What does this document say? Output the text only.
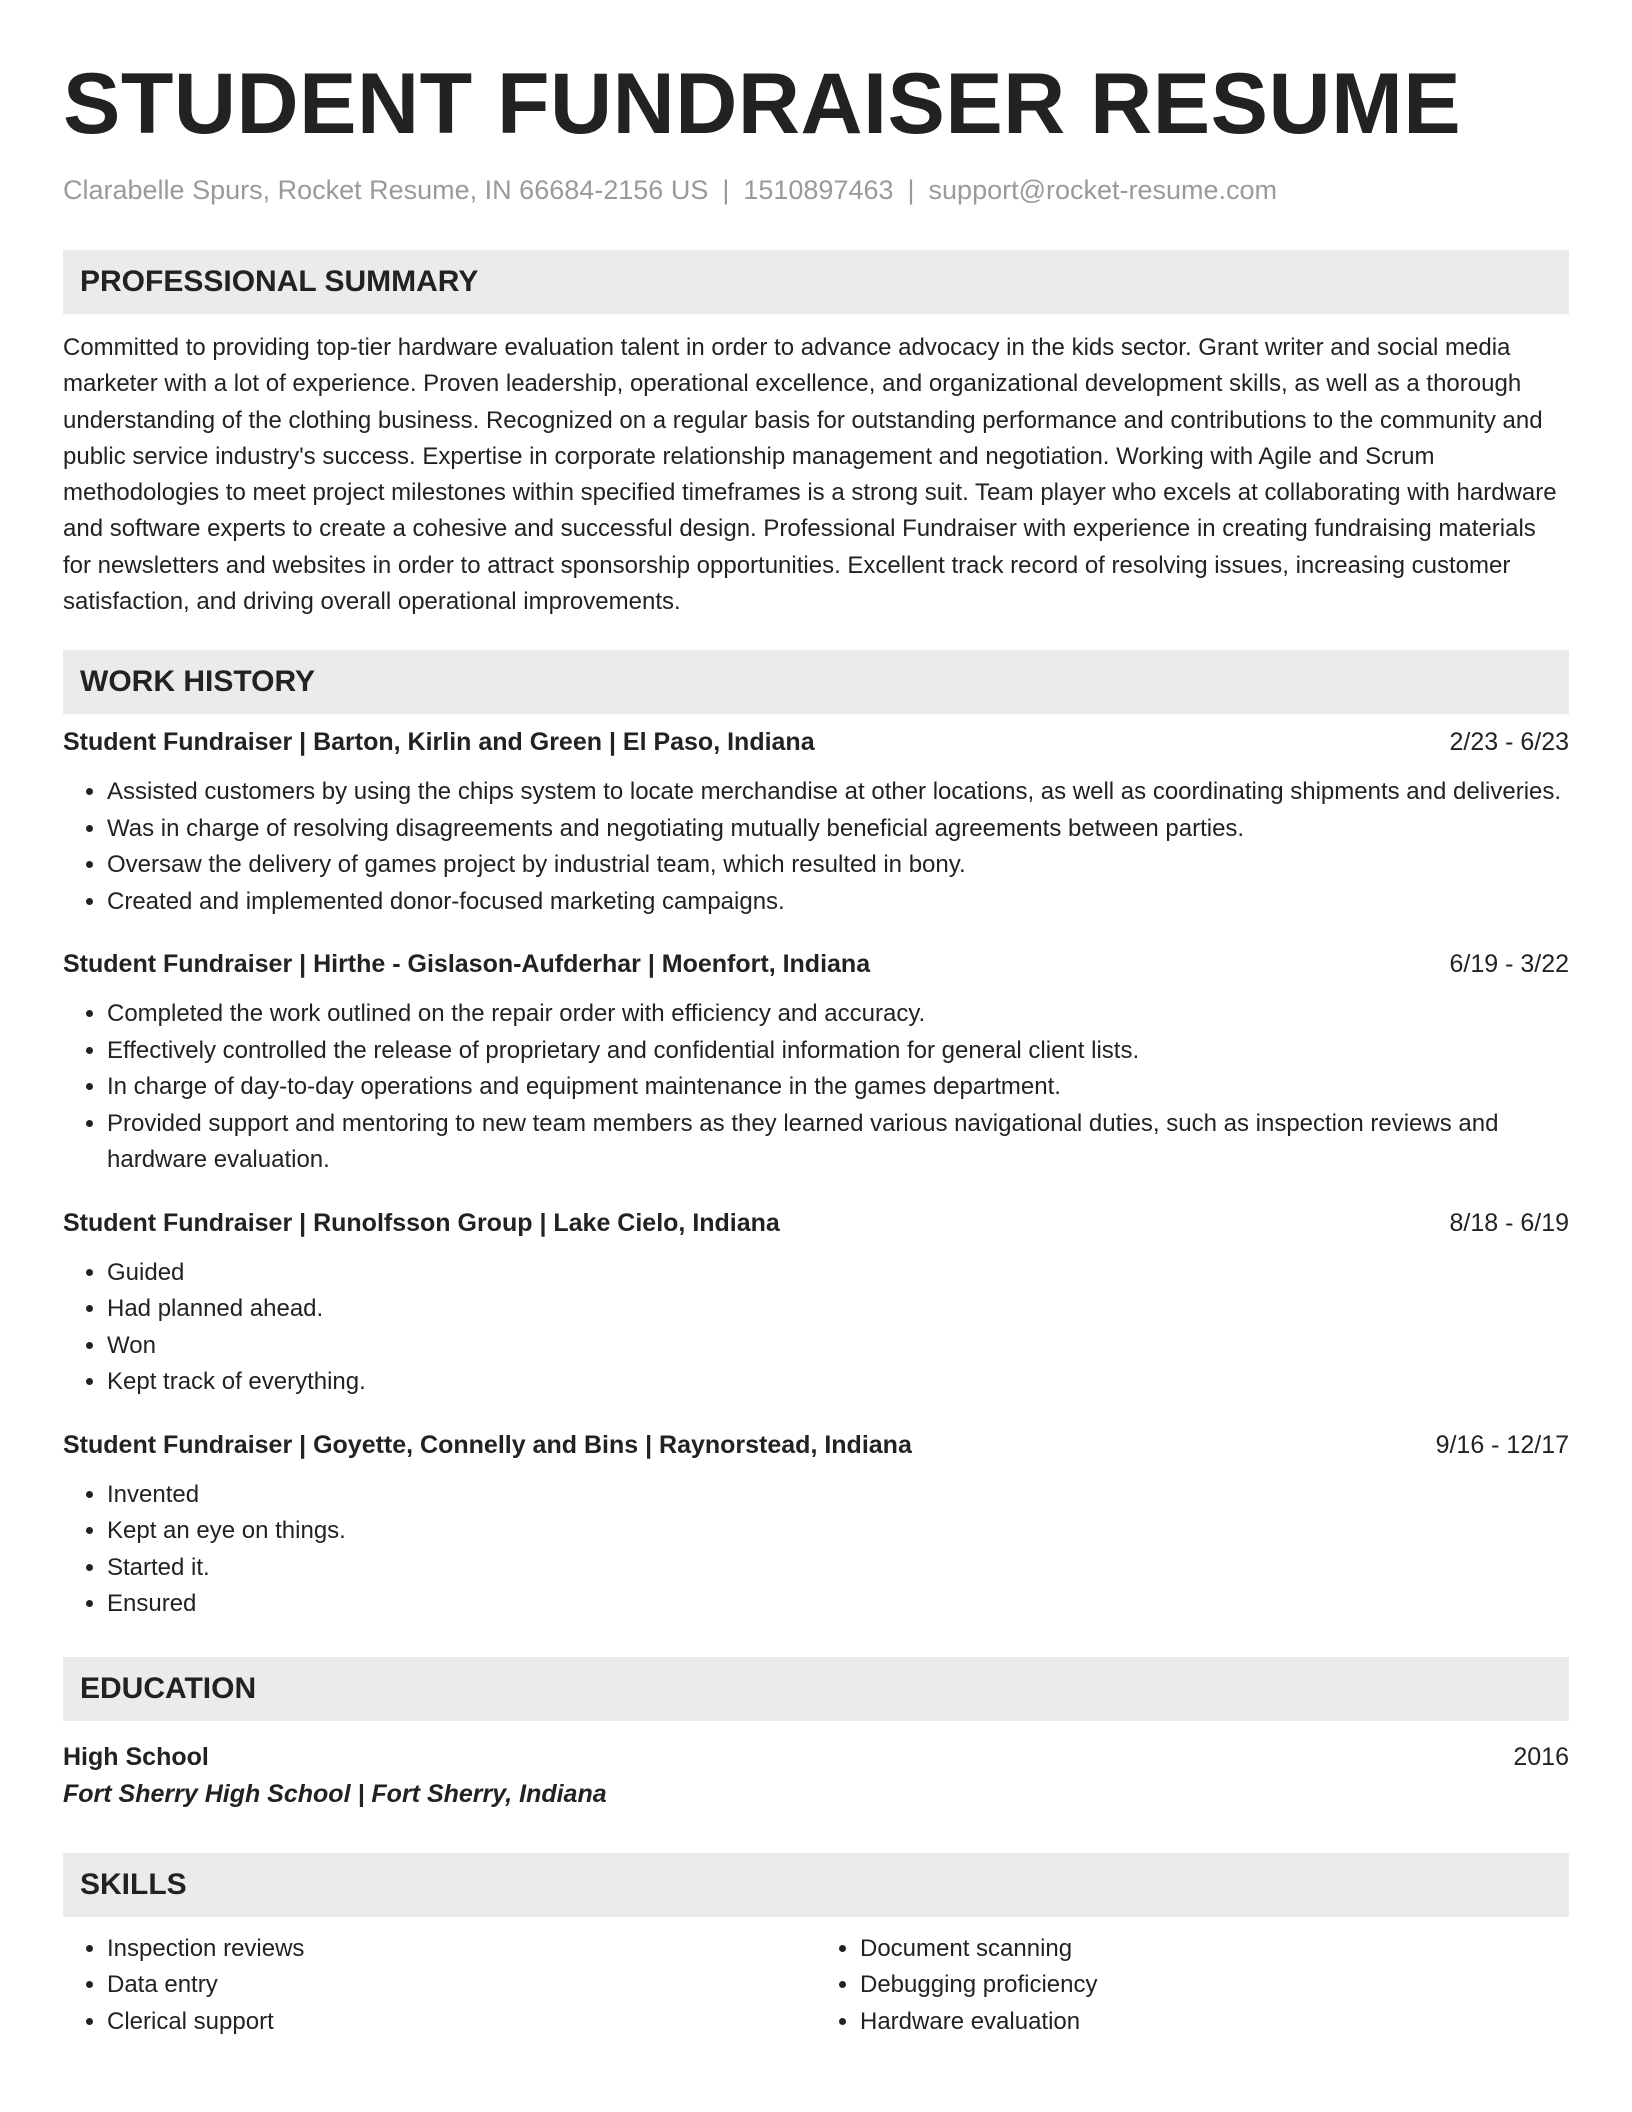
STUDENT FUNDRAISER RESUME
Clarabelle Spurs, Rocket Resume, IN 66684-2156 US | 1510897463 | support@rocket-resume.com
PROFESSIONAL SUMMARY
Committed to providing top-tier hardware evaluation talent in order to advance advocacy in the kids sector. Grant writer and social media marketer with a lot of experience. Proven leadership, operational excellence, and organizational development skills, as well as a thorough understanding of the clothing business. Recognized on a regular basis for outstanding performance and contributions to the community and public service industry's success. Expertise in corporate relationship management and negotiation. Working with Agile and Scrum methodologies to meet project milestones within specified timeframes is a strong suit. Team player who excels at collaborating with hardware and software experts to create a cohesive and successful design. Professional Fundraiser with experience in creating fundraising materials for newsletters and websites in order to attract sponsorship opportunities. Excellent track record of resolving issues, increasing customer satisfaction, and driving overall operational improvements.
WORK HISTORY
Student Fundraiser | Barton, Kirlin and Green | El Paso, Indiana	2/23 - 6/23
• Assisted customers by using the chips system to locate merchandise at other locations, as well as coordinating shipments and deliveries.
• Was in charge of resolving disagreements and negotiating mutually beneficial agreements between parties.
• Oversaw the delivery of games project by industrial team, which resulted in bony.
• Created and implemented donor-focused marketing campaigns.
Student Fundraiser | Hirthe - Gislason-Aufderhar | Moenfort, Indiana	6/19 - 3/22
• Completed the work outlined on the repair order with efficiency and accuracy.
• Effectively controlled the release of proprietary and confidential information for general client lists.
• In charge of day-to-day operations and equipment maintenance in the games department.
• Provided support and mentoring to new team members as they learned various navigational duties, such as inspection reviews and hardware evaluation.
Student Fundraiser | Runolfsson Group | Lake Cielo, Indiana	8/18 - 6/19
• Guided
• Had planned ahead.
• Won
• Kept track of everything.
Student Fundraiser | Goyette, Connelly and Bins | Raynorstead, Indiana	9/16 - 12/17
• Invented
• Kept an eye on things.
• Started it.
• Ensured
EDUCATION
High School	2016
Fort Sherry High School | Fort Sherry, Indiana
SKILLS
• Inspection reviews
• Data entry
• Clerical support
• Document scanning
• Debugging proficiency
• Hardware evaluation
